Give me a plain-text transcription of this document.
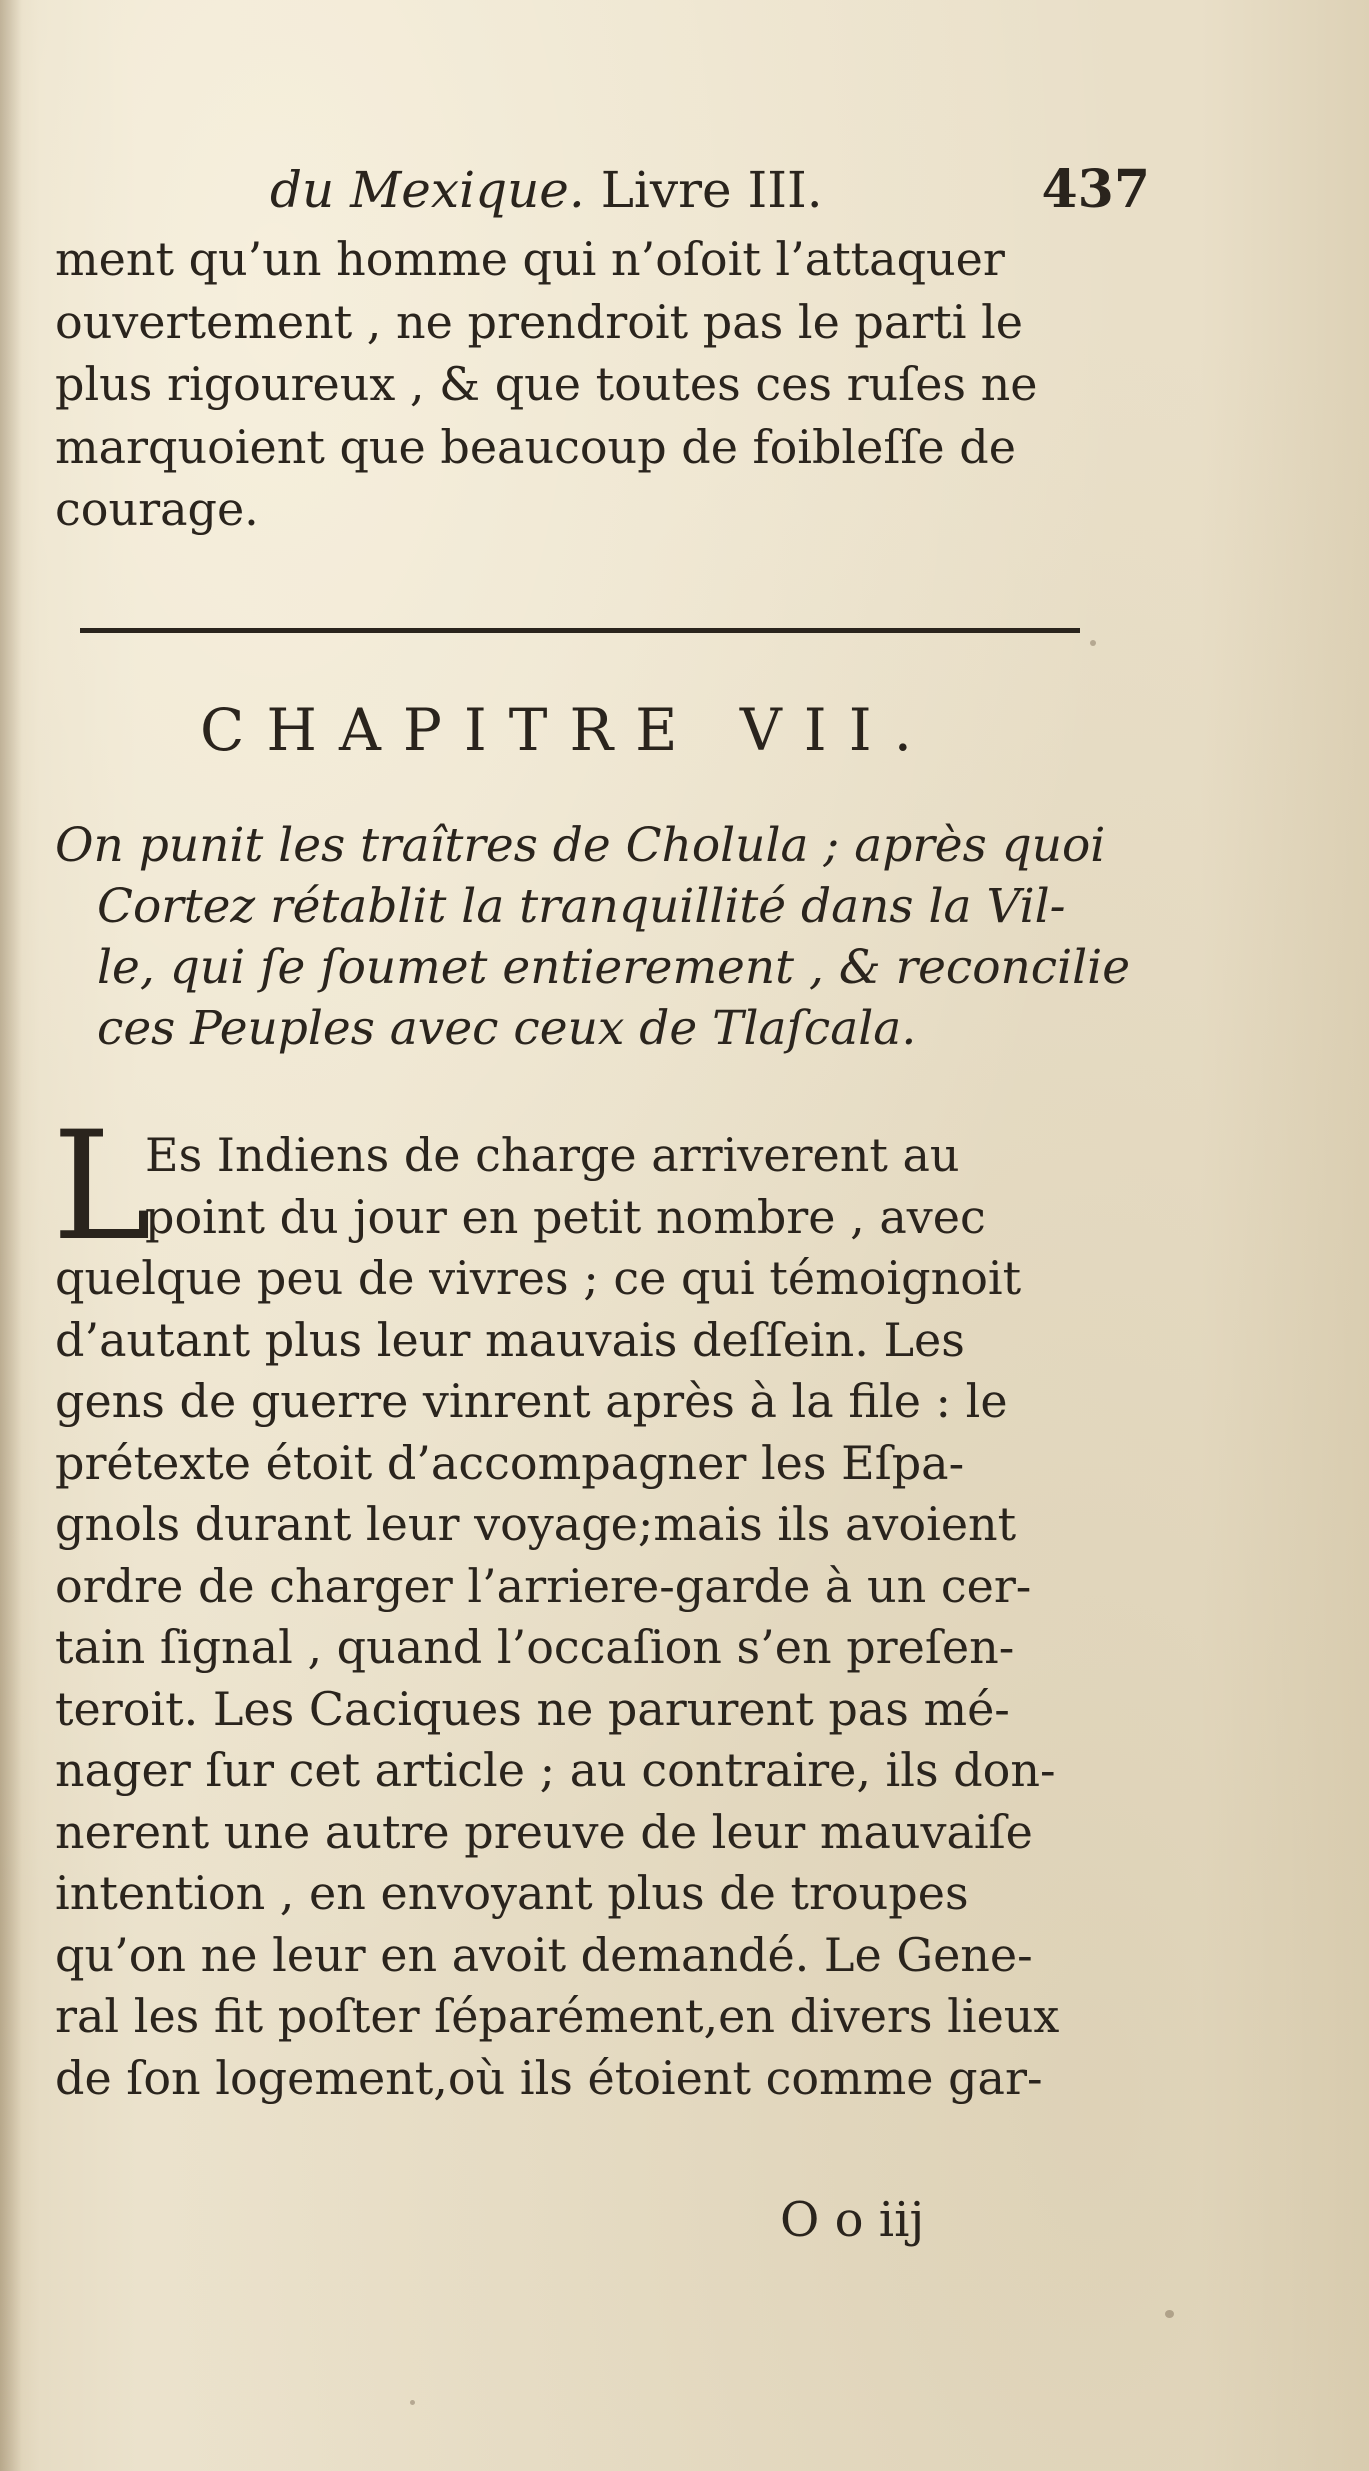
du Mexique. Livre III.	437
ment qu’un homme qui n’oſoit l’attaquer
ouvertement , ne prendroit pas le parti le
plus rigoureux , & que toutes ces ruſes ne
marquoient que beaucoup de foibleſſe de
courage.
CHAPITRE VII.
On punit les traîtres de Cholula ; après quoi
Cortez rétablit la tranquillité dans la Vil-
le, qui ſe ſoumet entierement , & reconcilie
ces Peuples avec ceux de Tlaſcala.
L
Es Indiens de charge arriverent au
point du jour en petit nombre , avec
quelque peu de vivres ; ce qui témoignoit
d’autant plus leur mauvais deſſein. Les
gens de guerre vinrent après à la file : le
prétexte étoit d’accompagner les Eſpa-
gnols durant leur voyage;mais ils avoient
ordre de charger l’arriere-garde à un cer-
tain ſignal , quand l’occaſion s’en preſen-
teroit. Les Caciques ne parurent pas mé-
nager ſur cet article ; au contraire, ils don-
nerent une autre preuve de leur mauvaiſe
intention , en envoyant plus de troupes
qu’on ne leur en avoit demandé. Le Gene-
ral les fit poſter ſéparément,en divers lieux
de ſon logement,où ils étoient comme gar-
O o iij
